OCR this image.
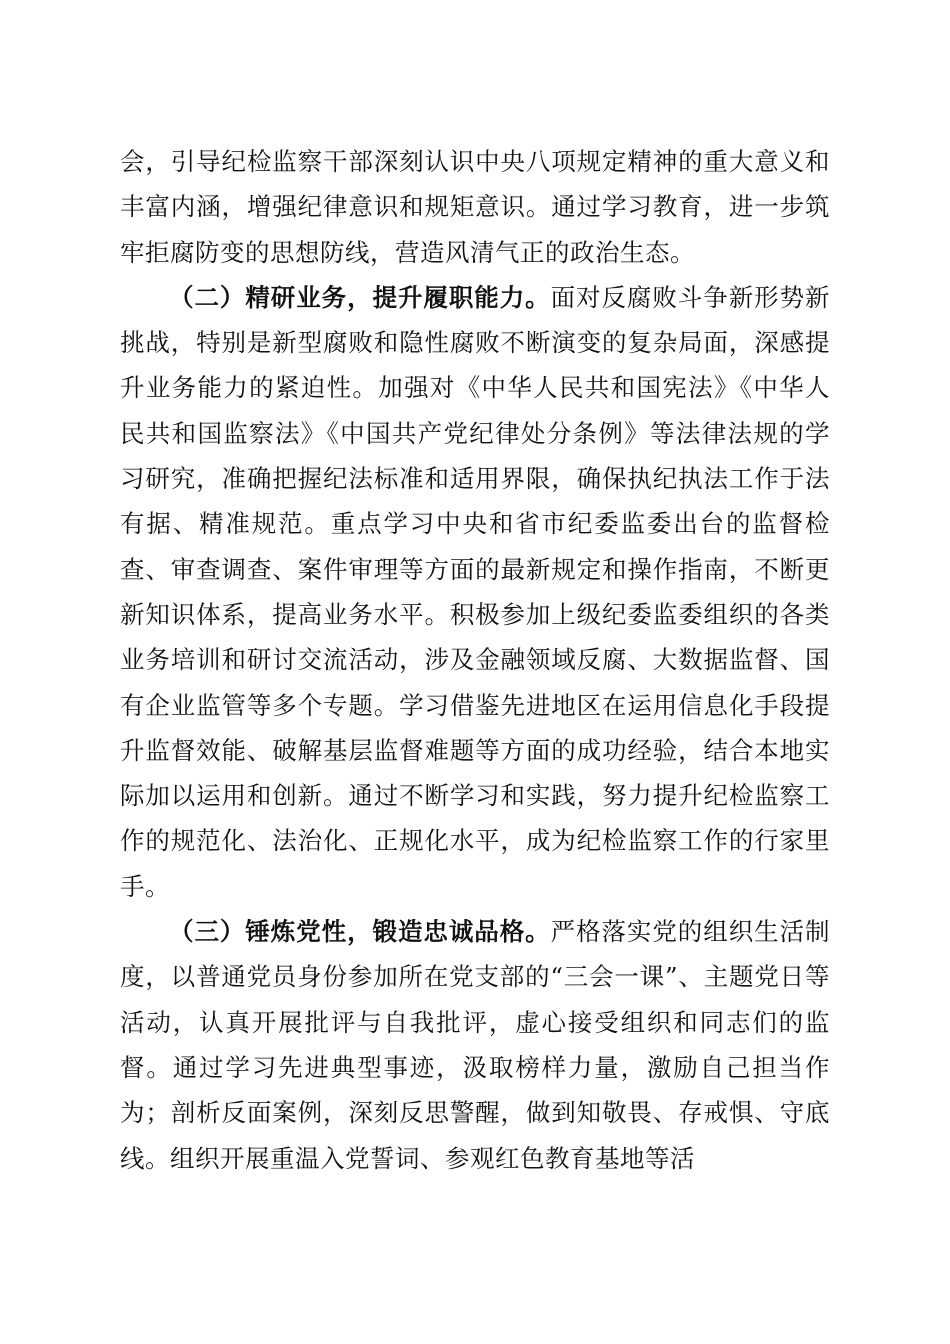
会，引导纪检监察干部深刻认识中央八项规定精神的重大意义和丰富内涵，增强纪律意识和规矩意识。通过学习教育，进一步筑牢拒腐防变的思想防线，营造风清气正的政治生态。

（二）精研业务，提升履职能力。面对反腐败斗争新形势新挑战，特别是新型腐败和隐性腐败不断演变的复杂局面，深感提升业务能力的紧迫性。加强对《中华人民共和国宪法》《中华人民共和国监察法》《中国共产党纪律处分条例》等法律法规的学习研究，准确把握纪法标准和适用界限，确保执纪执法工作于法有据、精准规范。重点学习中央和省市纪委监委出台的监督检查、审查调查、案件审理等方面的最新规定和操作指南，不断更新知识体系，提高业务水平。积极参加上级纪委监委组织的各类业务培训和研讨交流活动，涉及金融领域反腐、大数据监督、国有企业监管等多个专题。学习借鉴先进地区在运用信息化手段提升监督效能、破解基层监督难题等方面的成功经验，结合本地实际加以运用和创新。通过不断学习和实践，努力提升纪检监察工作的规范化、法治化、正规化水平，成为纪检监察工作的行家里手。

（三）锤炼党性，锻造忠诚品格。严格落实党的组织生活制度，以普通党员身份参加所在党支部的“三会一课”、主题党日等活动，认真开展批评与自我批评，虚心接受组织和同志们的监督。通过学习先进典型事迹，汲取榜样力量，激励自己担当作为；剖析反面案例，深刻反思警醒，做到知敬畏、存戒惧、守底线。组织开展重温入党誓词、参观红色教育基地等活
